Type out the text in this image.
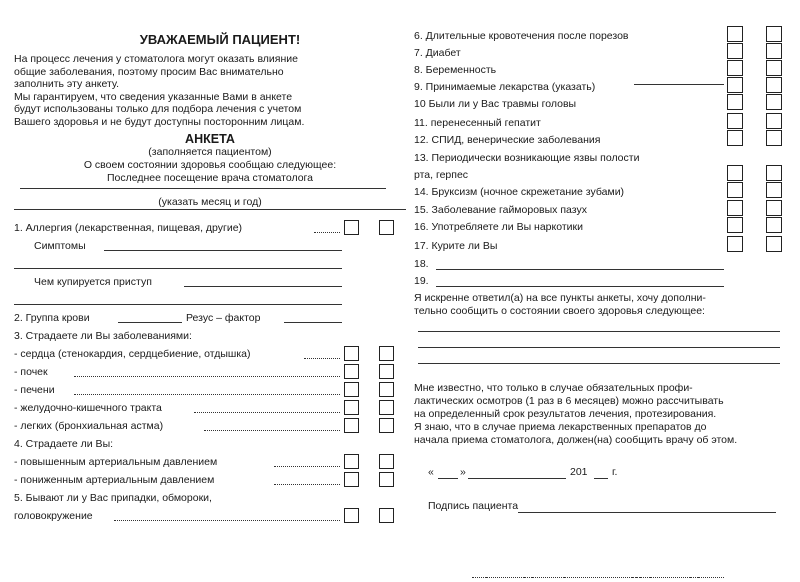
УВАЖАЕМЫЙ ПАЦИЕНТ!

На процесс лечения у стоматолога могут оказать влияние

общие заболевания, поэтому просим Вас внимательно

заполнить эту анкету.

Мы гарантируем, что сведения указанные Вами в анкете

будут использованы только для подбора лечения с учетом

Вашего здоровья и не будут доступны посторонним лицам.

АНКЕТА
(заполняется пациентом)
О своем состоянии здоровья сообщаю следующее:
Последнее посещение врача стоматолога
(указать месяц и год)
1. Аллергия (лекарственная, пищевая, другие)
Симптомы
Чем купируется приступ
2. Группа крови	Резус – фактор
3. Страдаете ли Вы заболеваниями:
- сердца (стенокардия, сердцебиение, отдышка)
- почек
- печени
- желудочно-кишечного тракта
- легких (бронхиальная астма)
4. Страдаете ли Вы:
- повышенным артериальным давлением
- пониженным артериальным давлением
5. Бывают ли у Вас припадки, обмороки,
головокружение
6. Длительные кровотечения после порезов
7. Диабет
8. Беременность
9. Принимаемые лекарства (указать)
10 Были ли у Вас травмы головы
11. перенесенный гепатит
12. СПИД, венерические заболевания
13. Периодически возникающие язвы полости
рта, герпес
14. Бруксизм (ночное скрежетание зубами)
15. Заболевание гайморовых пазух
16. Употребляете ли Вы наркотики
17. Курите ли Вы
18.
19.
Я искренне ответил(а) на все пункты анкеты, хочу дополни-
тельно сообщить о состоянии своего здоровья следующее:
Мне известно, что только в случае обязательных профи-
лактических осмотров (1 раз в 6 месяцев) можно рассчитывать
на определенный срок результатов лечения, протезирования.
Я знаю, что в случае приема лекарственных препаратов до
начала приема стоматолога, должен(на) сообщить врачу об этом.
« »	201 г.
Подпись пациента
